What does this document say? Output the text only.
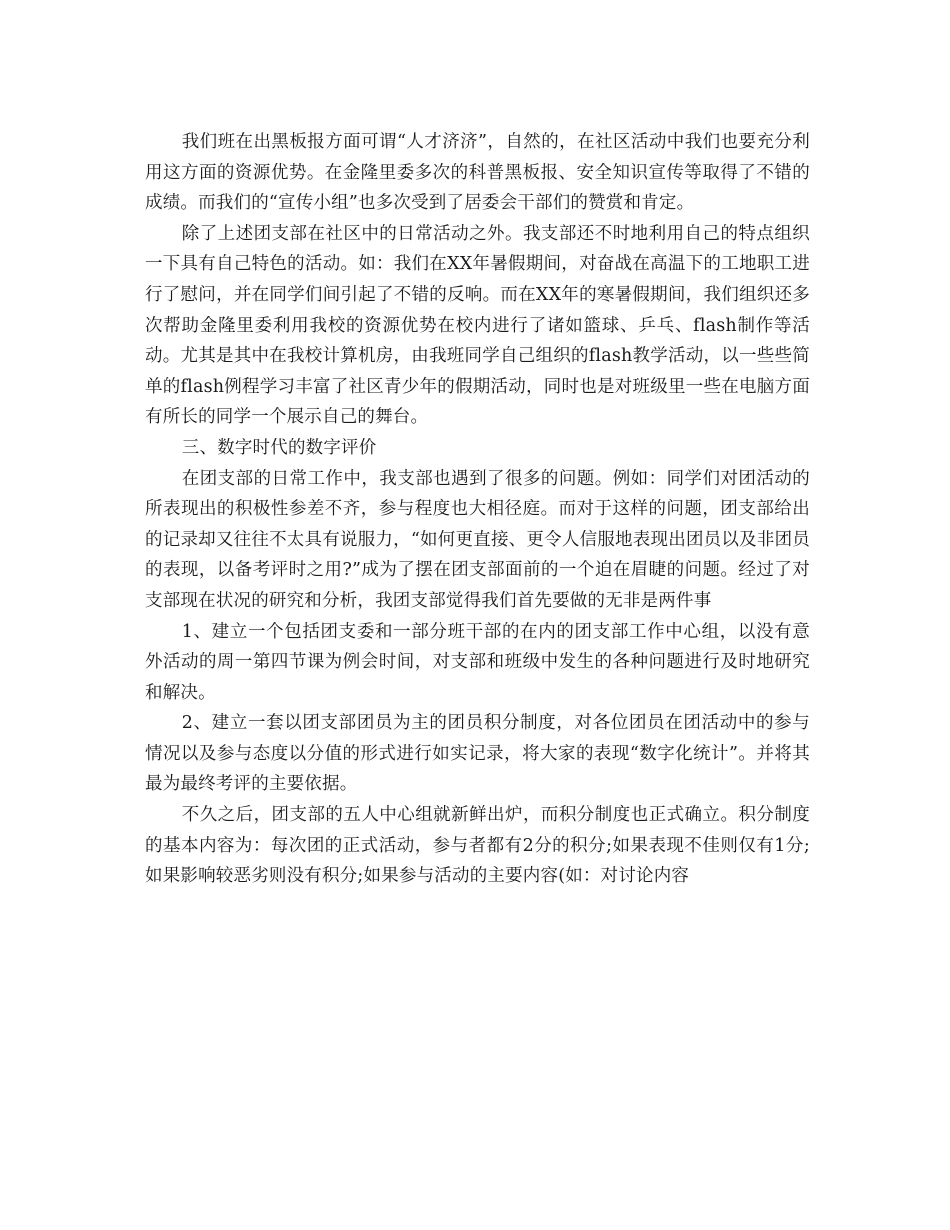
我们班在出黑板报方面可谓“人才济济”，自然的，在社区活动中我们也要充分利用这方面的资源优势。在金隆里委多次的科普黑板报、安全知识宣传等取得了不错的成绩。而我们的“宣传小组”也多次受到了居委会干部们的赞赏和肯定。

除了上述团支部在社区中的日常活动之外。我支部还不时地利用自己的特点组织一下具有自己特色的活动。如：我们在XX年暑假期间，对奋战在高温下的工地职工进行了慰问，并在同学们间引起了不错的反响。而在XX年的寒暑假期间，我们组织还多次帮助金隆里委利用我校的资源优势在校内进行了诸如篮球、乒乓、flash制作等活动。尤其是其中在我校计算机房，由我班同学自己组织的flash教学活动，以一些些简单的flash例程学习丰富了社区青少年的假期活动，同时也是对班级里一些在电脑方面有所长的同学一个展示自己的舞台。

三、数字时代的数字评价

在团支部的日常工作中，我支部也遇到了很多的问题。例如：同学们对团活动的所表现出的积极性参差不齐，参与程度也大相径庭。而对于这样的问题，团支部给出的记录却又往往不太具有说服力，“如何更直接、更令人信服地表现出团员以及非团员的表现，以备考评时之用?”成为了摆在团支部面前的一个迫在眉睫的问题。经过了对支部现在状况的研究和分析，我团支部觉得我们首先要做的无非是两件事

1、建立一个包括团支委和一部分班干部的在内的团支部工作中心组，以没有意外活动的周一第四节课为例会时间，对支部和班级中发生的各种问题进行及时地研究和解决。

2、建立一套以团支部团员为主的团员积分制度，对各位团员在团活动中的参与情况以及参与态度以分值的形式进行如实记录，将大家的表现“数字化统计”。并将其最为最终考评的主要依据。

不久之后，团支部的五人中心组就新鲜出炉，而积分制度也正式确立。积分制度的基本内容为：每次团的正式活动，参与者都有2分的积分;如果表现不佳则仅有1分;如果影响较恶劣则没有积分;如果参与活动的主要内容(如：对讨论内容
